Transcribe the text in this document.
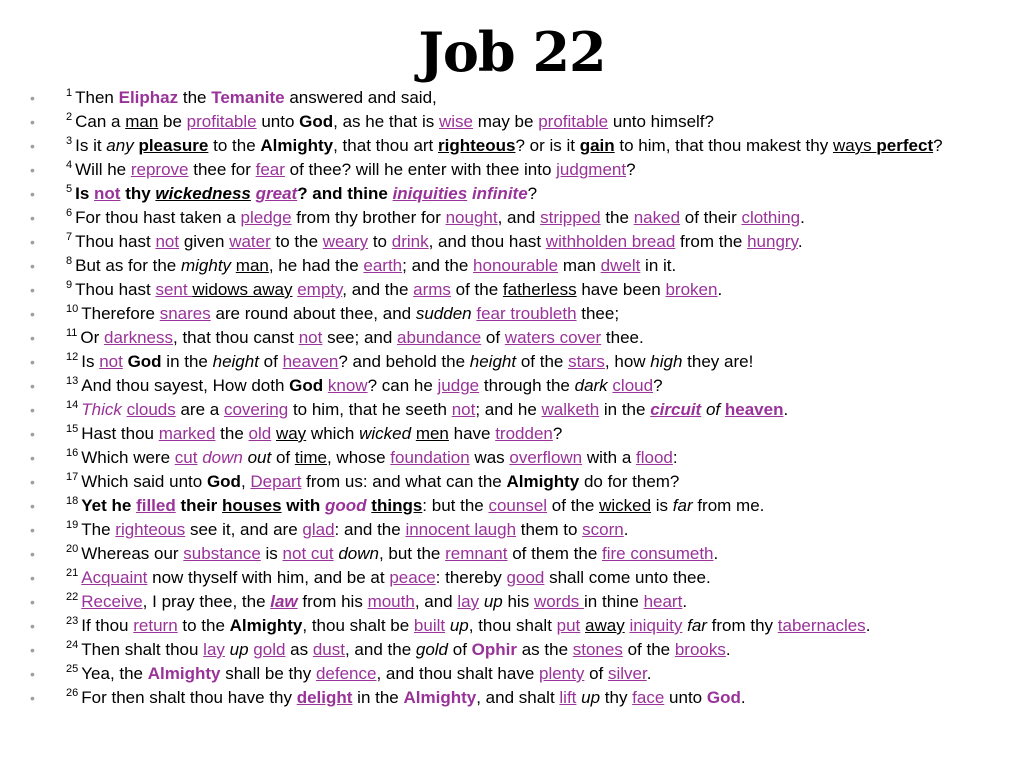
Job 22
• $^1$ Then Eliphaz the Temanite answered and said,
• $^2$ Can a man be profitable unto God, as he that is wise may be profitable unto himself?
• $^3$ Is it any pleasure to the Almighty, that thou art righteous? or is it gain to him, that thou makest thy ways perfect?
• $^4$ Will he reprove thee for fear of thee? will he enter with thee into judgment?
• $^5$ Is not thy wickedness great? and thine iniquities infinite?
• $^6$ For thou hast taken a pledge from thy brother for nought, and stripped the naked of their clothing.
• $^7$ Thou hast not given water to the weary to drink, and thou hast withholden bread from the hungry.
• $^8$ But as for the mighty man, he had the earth; and the honourable man dwelt in it.
• $^9$ Thou hast sent widows away empty, and the arms of the fatherless have been broken.
• $^{10}$ Therefore snares are round about thee, and sudden fear troubleth thee;
• $^{11}$ Or darkness, that thou canst not see; and abundance of waters cover thee.
• $^{12}$ Is not God in the height of heaven? and behold the height of the stars, how high they are!
• $^{13}$ And thou sayest, How doth God know? can he judge through the dark cloud?
• $^{14}$ Thick clouds are a covering to him, that he seeth not; and he walketh in the circuit of heaven.
• $^{15}$ Hast thou marked the old way which wicked men have trodden?
• $^{16}$ Which were cut down out of time, whose foundation was overflown with a flood:
• $^{17}$ Which said unto God, Depart from us: and what can the Almighty do for them?
• $^{18}$ Yet he filled their houses with good things: but the counsel of the wicked is far from me.
• $^{19}$ The righteous see it, and are glad: and the innocent laugh them to scorn.
• $^{20}$ Whereas our substance is not cut down, but the remnant of them the fire consumeth.
• $^{21}$ Acquaint now thyself with him, and be at peace: thereby good shall come unto thee.
• $^{22}$ Receive, I pray thee, the law from his mouth, and lay up his words in thine heart.
• $^{23}$ If thou return to the Almighty, thou shalt be built up, thou shalt put away iniquity far from thy tabernacles.
• $^{24}$ Then shalt thou lay up gold as dust, and the gold of Ophir as the stones of the brooks.
• $^{25}$ Yea, the Almighty shall be thy defence, and thou shalt have plenty of silver.
• $^{26}$ For then shalt thou have thy delight in the Almighty, and shalt lift up thy face unto God.
